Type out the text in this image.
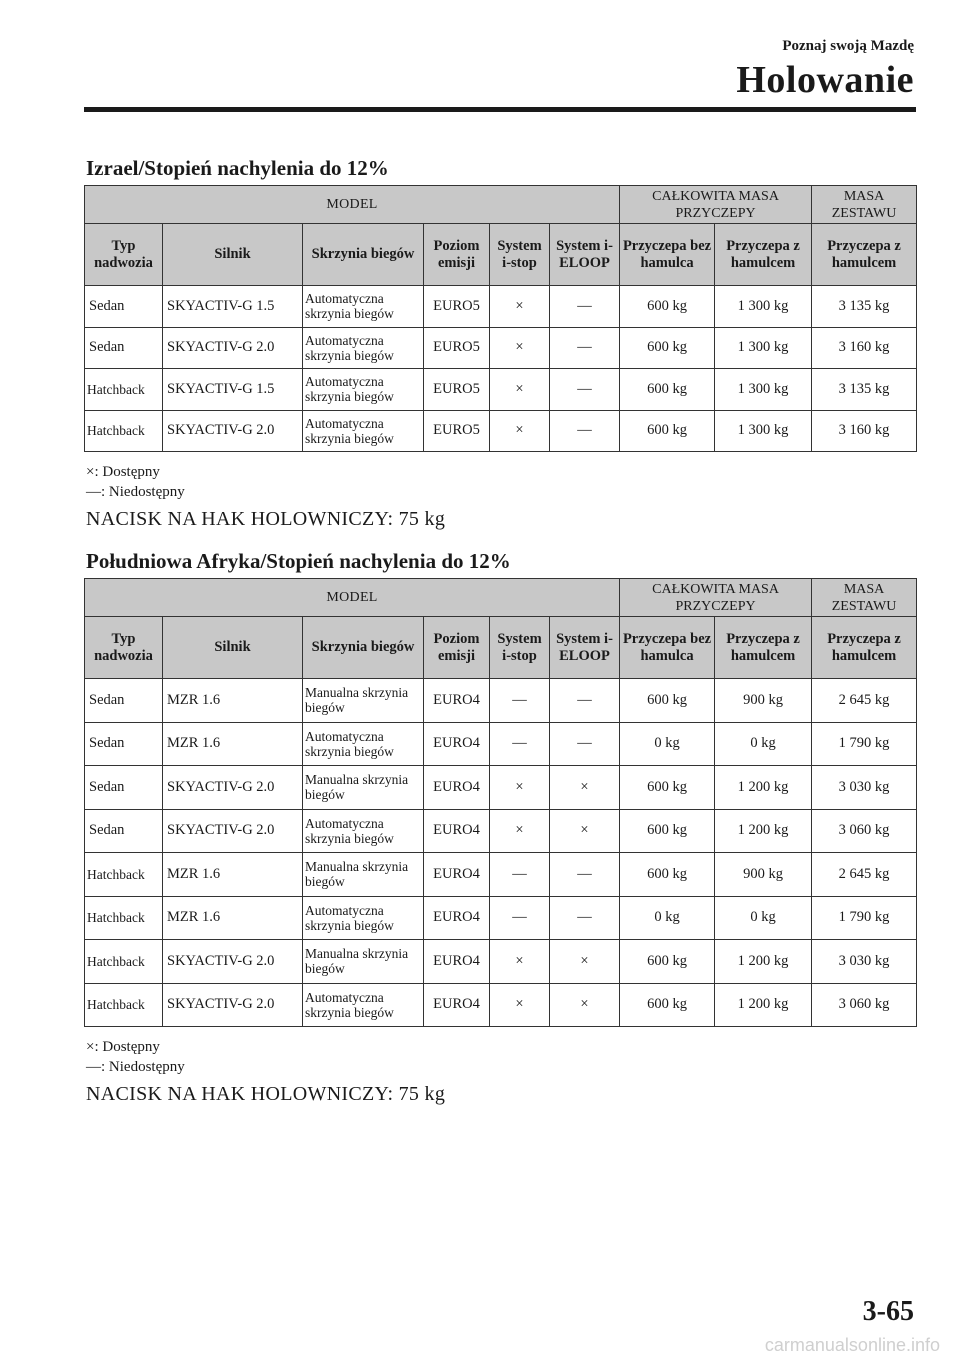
Poznaj swoją Mazdę
Holowanie
Izrael/Stopień nachylenia do 12%
MODEL						CAŁKOWITA MASA PRZYCZEPY		MASA ZESTAWU
Typ nadwozia	Silnik	Skrzynia biegów	Poziom emisji	System i-stop	System i-ELOOP	Przyczepa bez hamulca	Przyczepa z hamulcem	Przyczepa z hamulcem
Sedan	SKYACTIV-G 1.5	Automatyczna skrzynia biegów	EURO5	×	—	600 kg	1 300 kg	3 135 kg
Sedan	SKYACTIV-G 2.0	Automatyczna skrzynia biegów	EURO5	×	—	600 kg	1 300 kg	3 160 kg
Hatchback	SKYACTIV-G 1.5	Automatyczna skrzynia biegów	EURO5	×	—	600 kg	1 300 kg	3 135 kg
Hatchback	SKYACTIV-G 2.0	Automatyczna skrzynia biegów	EURO5	×	—	600 kg	1 300 kg	3 160 kg
×: Dostępny
—: Niedostępny
NACISK NA HAK HOLOWNICZY: 75 kg
Południowa Afryka/Stopień nachylenia do 12%
MODEL						CAŁKOWITA MASA PRZYCZEPY		MASA ZESTAWU
Typ nadwozia	Silnik	Skrzynia biegów	Poziom emisji	System i-stop	System i-ELOOP	Przyczepa bez hamulca	Przyczepa z hamulcem	Przyczepa z hamulcem
Sedan	MZR 1.6	Manualna skrzynia biegów	EURO4	—	—	600 kg	900 kg	2 645 kg
Sedan	MZR 1.6	Automatyczna skrzynia biegów	EURO4	—	—	0 kg	0 kg	1 790 kg
Sedan	SKYACTIV-G 2.0	Manualna skrzynia biegów	EURO4	×	×	600 kg	1 200 kg	3 030 kg
Sedan	SKYACTIV-G 2.0	Automatyczna skrzynia biegów	EURO4	×	×	600 kg	1 200 kg	3 060 kg
Hatchback	MZR 1.6	Manualna skrzynia biegów	EURO4	—	—	600 kg	900 kg	2 645 kg
Hatchback	MZR 1.6	Automatyczna skrzynia biegów	EURO4	—	—	0 kg	0 kg	1 790 kg
Hatchback	SKYACTIV-G 2.0	Manualna skrzynia biegów	EURO4	×	×	600 kg	1 200 kg	3 030 kg
Hatchback	SKYACTIV-G 2.0	Automatyczna skrzynia biegów	EURO4	×	×	600 kg	1 200 kg	3 060 kg
×: Dostępny
—: Niedostępny
NACISK NA HAK HOLOWNICZY: 75 kg
3-65
carmanualsonline.info
